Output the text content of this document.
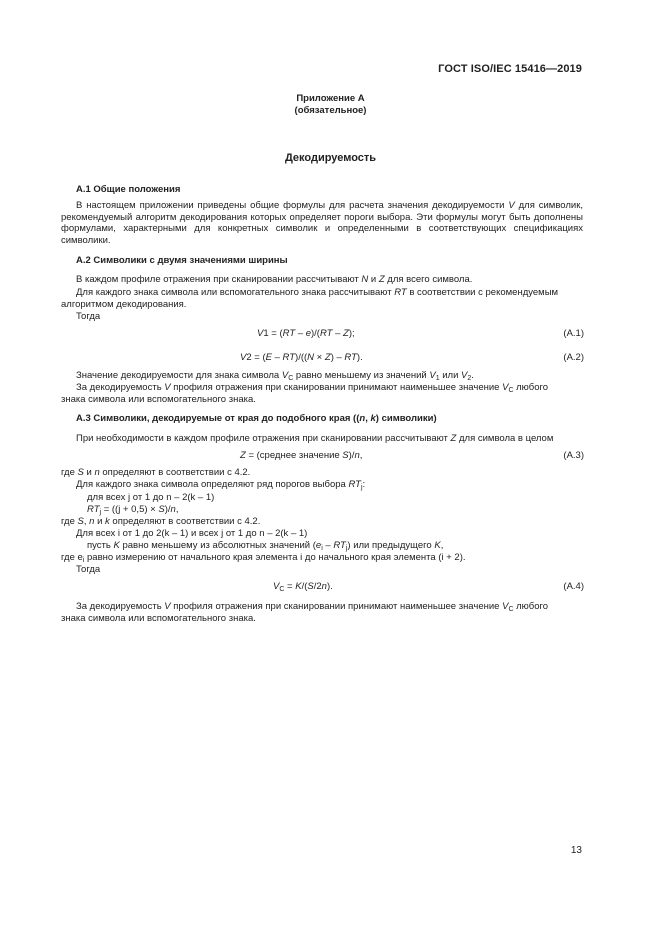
ГОСТ ISO/IEC 15416—2019
Приложение А
(обязательное)
Декодируемость
А.1 Общие положения
В настоящем приложении приведены общие формулы для расчета значения декодируемости V для символик, рекомендуемый алгоритм декодирования которых определяет пороги выбора. Эти формулы могут быть дополнены формулами, характерными для конкретных символик и определенными в соответствующих спецификациях символики.
А.2 Символики с двумя значениями ширины
В каждом профиле отражения при сканировании рассчитывают N и Z для всего символа.
Для каждого знака символа или вспомогательного знака рассчитывают RT в соответствии с рекомендуемым
алгоритмом декодирования.
Тогда
V1 = (RT – e)/(RT – Z);	(А.1)
V2 = (E – RT)/((N × Z) – RT).	(А.2)
Значение декодируемости для знака символа $V_C$ равно меньшему из значений $V_1$ или $V_2$.
За декодируемость V профиля отражения при сканировании принимают наименьшее значение $V_C$ любого
знака символа или вспомогательного знака.
А.3 Символики, декодируемые от края до подобного края ((n, k) символики)
При необходимости в каждом профиле отражения при сканировании рассчитывают Z для символа в целом
Z = (среднее значение S)/n,	(А.3)
где S и n определяют в соответствии с 4.2.
Для каждого знака символа определяют ряд порогов выбора $RT_j$:
для всех j от 1 до n – 2(k – 1)
$RT_j = ((j + 0,5) \times S)/n$,
где S, n и k определяют в соответствии с 4.2.
Для всех i от 1 до 2(k – 1) и всех j от 1 до n – 2(k – 1)
пусть K равно меньшему из абсолютных значений $(e_i - RT_j)$ или предыдущего K,
где $e_i$ равно измерению от начального края элемента i до начального края элемента (i + 2).
Тогда
$V_C = K/(S/2n)$.	(А.4)
За декодируемость V профиля отражения при сканировании принимают наименьшее значение $V_C$ любого
знака символа или вспомогательного знака.
13
